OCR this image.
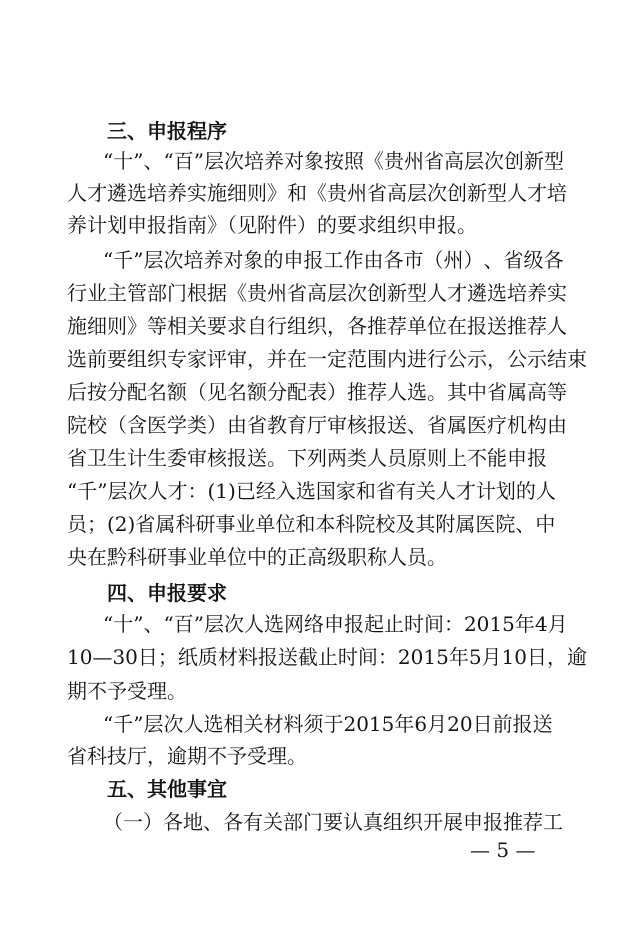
三、申报程序
“ 十 ” 、 “ 百 ” 层 次 培 养 对 象 按 照 《 贵 州 省 高 层 次 创 新 型
人 才 遴 选 培 养 实 施 细 则 》 和 《 贵 州 省 高 层 次 创 新 型 人 才 培
养计划申报指南》（见附件）的要求组织申报。
“ 千 ” 层 次 培 养 对 象 的 申 报 工 作 由 各 市 （ 州 ） 、 省 级 各
行 业 主 管 部 门 根 据 《 贵 州 省 高 层 次 创 新 型 人 才 遴 选 培 养 实
施 细 则 》 等 相 关 要 求 自 行 组 织 ， 各 推 荐 单 位 在 报 送 推 荐 人
选 前 要 组 织 专 家 评 审 ， 并 在 一 定 范 围 内 进 行 公 示 ， 公 示 结 束
后 按 分 配 名 额 （ 见 名 额 分 配 表 ） 推 荐 人 选 。 其 中 省 属 高 等
院 校 （ 含 医 学 类 ） 由 省 教 育 厅 审 核 报 送 、 省 属 医 疗 机 构 由
省 卫 生 计 生 委 审 核 报 送 。 下 列 两 类 人 员 原 则 上 不 能 申 报
“ 千 ” 层 次 人 才 ： (1) 已 经 入 选 国 家 和 省 有 关 人 才 计 划 的 人
员 ； (2) 省 属 科 研 事 业 单 位 和 本 科 院 校 及 其 附 属 医 院 、 中
央在黔科研事业单位中的正高级职称人员。
四、申报要求
“ 十 ” 、 “ 百 ” 层 次 人 选 网 络 申 报 起 止 时 间 ： 2015 年 4 月
10 — 30 日 ； 纸 质 材 料 报 送 截 止 时 间 ： 2015 年 5 月 10 日 ， 逾
期不予受理。
“ 千 ” 层 次 人 选 相 关 材 料 须 于 2015 年 6 月 20 日 前 报 送
省科技厅，逾期不予受理。
五、其他事宜
（ 一 ） 各 地 、 各 有 关 部 门 要 认 真 组 织 开 展 申 报 推 荐 工
— 5 —
